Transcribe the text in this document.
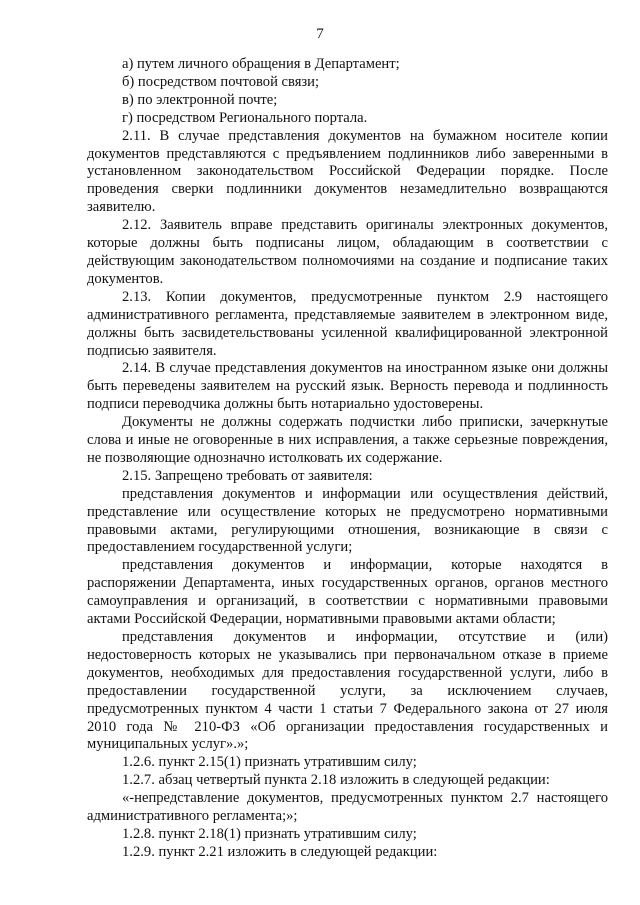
7

а) путем личного обращения в Департамент;

б) посредством почтовой связи;

в) по электронной почте;

г) посредством Регионального портала.

2.11. В случае представления документов на бумажном носителе копии документов представляются с предъявлением подлинников либо заверенными в установленном законодательством Российской Федерации порядке. После проведения сверки подлинники документов незамедлительно возвращаются заявителю.

2.12. Заявитель вправе представить оригиналы электронных документов, которые должны быть подписаны лицом, обладающим в соответствии с действующим законодательством полномочиями на создание и подписание таких документов.

2.13. Копии документов, предусмотренные пунктом 2.9 настоящего административного регламента, представляемые заявителем в электронном виде, должны быть засвидетельствованы усиленной квалифицированной электронной подписью заявителя.

2.14. В случае представления документов на иностранном языке они должны быть переведены заявителем на русский язык. Верность перевода и подлинность подписи переводчика должны быть нотариально удостоверены.

Документы не должны содержать подчистки либо приписки, зачеркнутые слова и иные не оговоренные в них исправления, а также серьезные повреждения, не позволяющие однозначно истолковать их содержание.

2.15. Запрещено требовать от заявителя:

представления документов и информации или осуществления действий, представление или осуществление которых не предусмотрено нормативными правовыми актами, регулирующими отношения, возникающие в связи с предоставлением государственной услуги;

представления документов и информации, которые находятся в распоряжении Департамента, иных государственных органов, органов местного самоуправления и организаций, в соответствии с нормативными правовыми актами Российской Федерации, нормативными правовыми актами области;

представления документов и информации, отсутствие и (или) недостоверность которых не указывались при первоначальном отказе в приеме документов, необходимых для предоставления государственной услуги, либо в предоставлении государственной услуги, за исключением случаев, предусмотренных пунктом 4 части 1 статьи 7 Федерального закона от 27 июля 2010 года № 210-ФЗ «Об организации предоставления государственных и муниципальных услуг».»;

1.2.6. пункт 2.15(1) признать утратившим силу;

1.2.7. абзац четвертый пункта 2.18 изложить в следующей редакции:

«-непредставление документов, предусмотренных пунктом 2.7 настоящего административного регламента;»;

1.2.8. пункт 2.18(1) признать утратившим силу;

1.2.9. пункт 2.21 изложить в следующей редакции:
